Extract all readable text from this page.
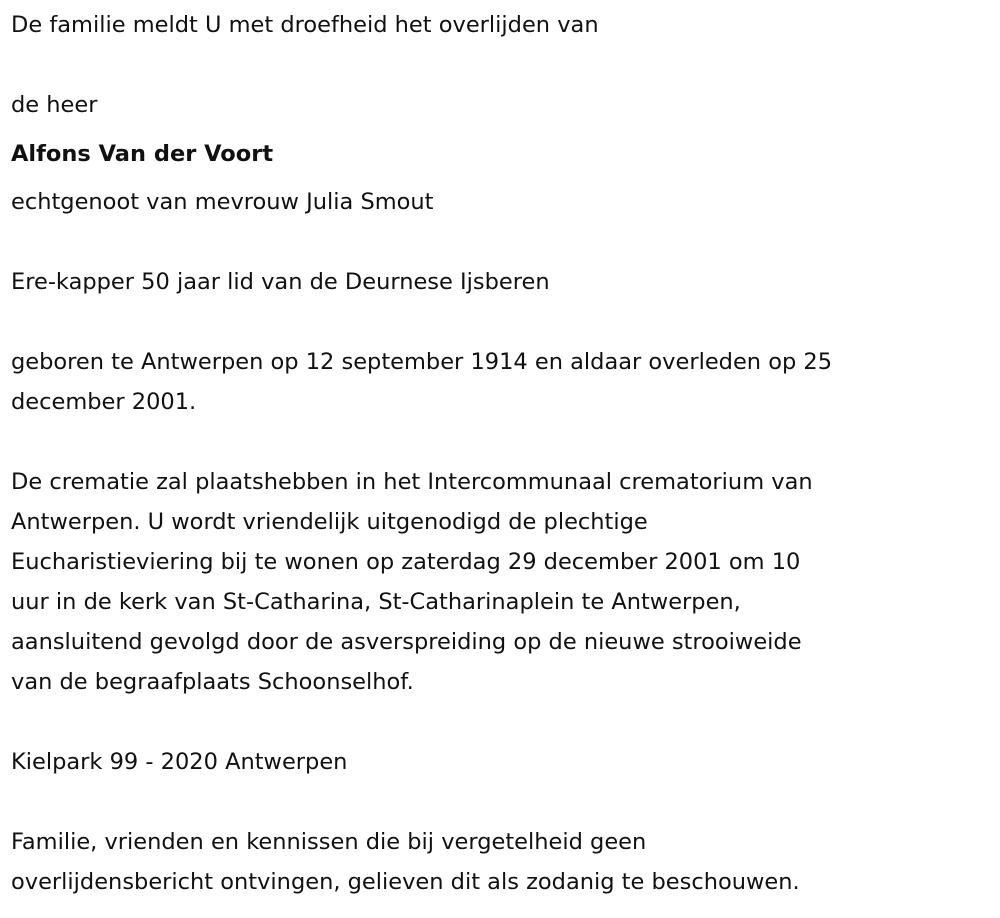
De familie meldt U met droefheid het overlijden van
de heer
Alfons Van der Voort
echtgenoot van mevrouw Julia Smout
Ere-kapper 50 jaar lid van de Deurnese Ijsberen
geboren te Antwerpen op 12 september 1914 en aldaar overleden op 25
december 2001.
De crematie zal plaatshebben in het Intercommunaal crematorium van
Antwerpen. U wordt vriendelijk uitgenodigd de plechtige
Eucharistieviering bij te wonen op zaterdag 29 december 2001 om 10
uur in de kerk van St-Catharina, St-Catharinaplein te Antwerpen,
aansluitend gevolgd door de asverspreiding op de nieuwe strooiweide
van de begraafplaats Schoonselhof.
Kielpark 99 - 2020 Antwerpen
Familie, vrienden en kennissen die bij vergetelheid geen
overlijdensbericht ontvingen, gelieven dit als zodanig te beschouwen.
